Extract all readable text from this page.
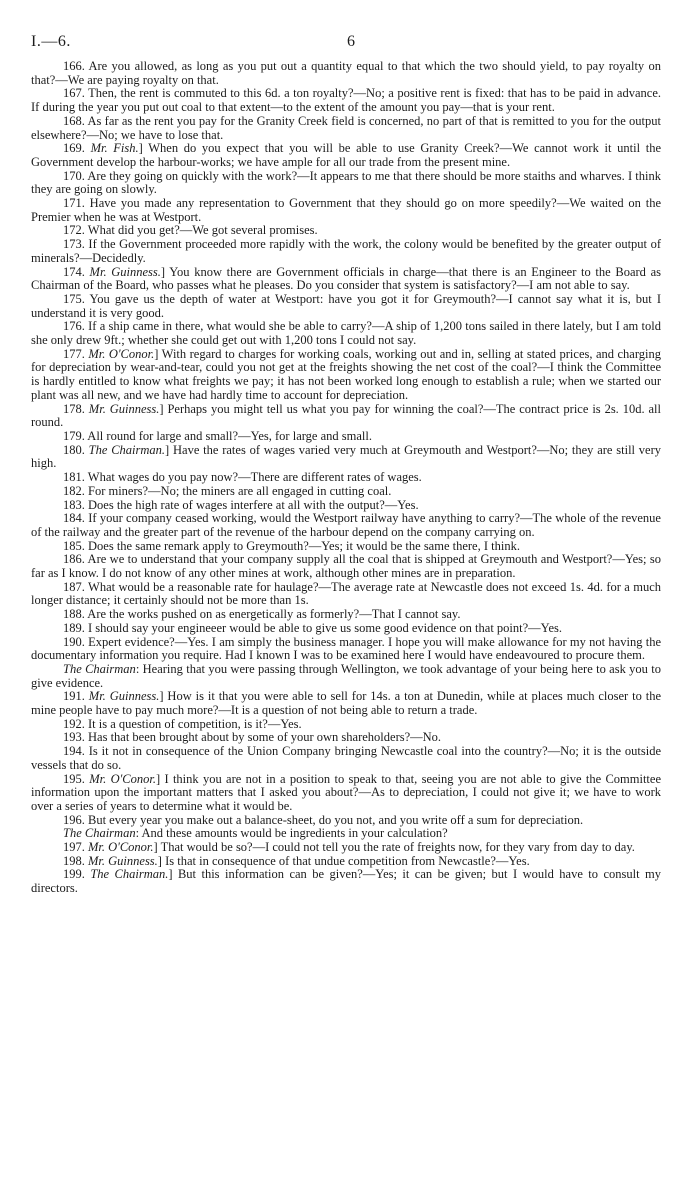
I.—6.	6

166. Are you allowed, as long as you put out a quantity equal to that which the two should yield, to pay royalty on that?—We are paying royalty on that.

167. Then, the rent is commuted to this 6d. a ton royalty?—No; a positive rent is fixed: that has to be paid in advance. If during the year you put out coal to that extent—to the extent of the amount you pay—that is your rent.

168. As far as the rent you pay for the Granity Creek field is concerned, no part of that is remitted to you for the output elsewhere?—No; we have to lose that.

169. Mr. Fish.] When do you expect that you will be able to use Granity Creek?—We cannot work it until the Government develop the harbour-works; we have ample for all our trade from the present mine.

170. Are they going on quickly with the work?—It appears to me that there should be more staiths and wharves. I think they are going on slowly.

171. Have you made any representation to Government that they should go on more speedily?—We waited on the Premier when he was at Westport.

172. What did you get?—We got several promises.

173. If the Government proceeded more rapidly with the work, the colony would be benefited by the greater output of minerals?—Decidedly.

174. Mr. Guinness.] You know there are Government officials in charge—that there is an Engineer to the Board as Chairman of the Board, who passes what he pleases. Do you consider that system is satisfactory?—I am not able to say.

175. You gave us the depth of water at Westport: have you got it for Greymouth?—I cannot say what it is, but I understand it is very good.

176. If a ship came in there, what would she be able to carry?—A ship of 1,200 tons sailed in there lately, but I am told she only drew 9ft.; whether she could get out with 1,200 tons I could not say.

177. Mr. O'Conor.] With regard to charges for working coals, working out and in, selling at stated prices, and charging for depreciation by wear-and-tear, could you not get at the freights showing the net cost of the coal?—I think the Committee is hardly entitled to know what freights we pay; it has not been worked long enough to establish a rule; when we started our plant was all new, and we have had hardly time to account for depreciation.

178. Mr. Guinness.] Perhaps you might tell us what you pay for winning the coal?—The contract price is 2s. 10d. all round.

179. All round for large and small?—Yes, for large and small.

180. The Chairman.] Have the rates of wages varied very much at Greymouth and Westport?—No; they are still very high.

181. What wages do you pay now?—There are different rates of wages.

182. For miners?—No; the miners are all engaged in cutting coal.

183. Does the high rate of wages interfere at all with the output?—Yes.

184. If your company ceased working, would the Westport railway have anything to carry?—The whole of the revenue of the railway and the greater part of the revenue of the harbour depend on the company carrying on.

185. Does the same remark apply to Greymouth?—Yes; it would be the same there, I think.

186. Are we to understand that your company supply all the coal that is shipped at Greymouth and Westport?—Yes; so far as I know. I do not know of any other mines at work, although other mines are in preparation.

187. What would be a reasonable rate for haulage?—The average rate at Newcastle does not exceed 1s. 4d. for a much longer distance; it certainly should not be more than 1s.

188. Are the works pushed on as energetically as formerly?—That I cannot say.

189. I should say your engineeer would be able to give us some good evidence on that point?—Yes.

190. Expert evidence?—Yes. I am simply the business manager. I hope you will make allowance for my not having the documentary information you require. Had I known I was to be examined here I would have endeavoured to procure them.

The Chairman: Hearing that you were passing through Wellington, we took advantage of your being here to ask you to give evidence.

191. Mr. Guinness.] How is it that you were able to sell for 14s. a ton at Dunedin, while at places much closer to the mine people have to pay much more?—It is a question of not being able to return a trade.

192. It is a question of competition, is it?—Yes.

193. Has that been brought about by some of your own shareholders?—No.

194. Is it not in consequence of the Union Company bringing Newcastle coal into the country?—No; it is the outside vessels that do so.

195. Mr. O'Conor.] I think you are not in a position to speak to that, seeing you are not able to give the Committee information upon the important matters that I asked you about?—As to depreciation, I could not give it; we have to work over a series of years to determine what it would be.

196. But every year you make out a balance-sheet, do you not, and you write off a sum for depreciation.

The Chairman: And these amounts would be ingredients in your calculation?

197. Mr. O'Conor.] That would be so?—I could not tell you the rate of freights now, for they vary from day to day.

198. Mr. Guinness.] Is that in consequence of that undue competition from Newcastle?—Yes.

199. The Chairman.] But this information can be given?—Yes; it can be given; but I would have to consult my directors.
